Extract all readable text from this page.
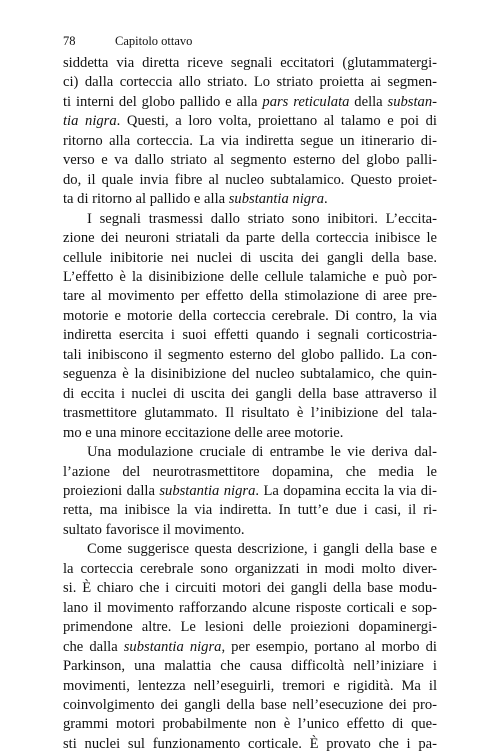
78	Capitolo ottavo
siddetta via diretta riceve segnali eccitatori (glutammatergi-
ci) dalla corteccia allo striato. Lo striato proietta ai segmen-
ti interni del globo pallido e alla pars reticulata della substan-
tia nigra. Questi, a loro volta, proiettano al talamo e poi di
ritorno alla corteccia. La via indiretta segue un itinerario di-
verso e va dallo striato al segmento esterno del globo palli-
do, il quale invia fibre al nucleo subtalamico. Questo proiet-
ta di ritorno al pallido e alla substantia nigra.
I segnali trasmessi dallo striato sono inibitori. L’eccita-
zione dei neuroni striatali da parte della corteccia inibisce le
cellule inibitorie nei nuclei di uscita dei gangli della base.
L’effetto è la disinibizione delle cellule talamiche e può por-
tare al movimento per effetto della stimolazione di aree pre-
motorie e motorie della corteccia cerebrale. Di contro, la via
indiretta esercita i suoi effetti quando i segnali corticostria-
tali inibiscono il segmento esterno del globo pallido. La con-
seguenza è la disinibizione del nucleo subtalamico, che quin-
di eccita i nuclei di uscita dei gangli della base attraverso il
trasmettitore glutammato. Il risultato è l’inibizione del tala-
mo e una minore eccitazione delle aree motorie.
Una modulazione cruciale di entrambe le vie deriva dal-
l’azione del neurotrasmettitore dopamina, che media le
proiezioni dalla substantia nigra. La dopamina eccita la via di-
retta, ma inibisce la via indiretta. In tutt’e due i casi, il ri-
sultato favorisce il movimento.
Come suggerisce questa descrizione, i gangli della base e
la corteccia cerebrale sono organizzati in modi molto diver-
si. È chiaro che i circuiti motori dei gangli della base modu-
lano il movimento rafforzando alcune risposte corticali e sop-
primendone altre. Le lesioni delle proiezioni dopaminergi-
che dalla substantia nigra, per esempio, portano al morbo di
Parkinson, una malattia che causa difficoltà nell’iniziare i
movimenti, lentezza nell’eseguirli, tremori e rigidità. Ma il
coinvolgimento dei gangli della base nell’esecuzione dei pro-
grammi motori probabilmente non è l’unico effetto di que-
sti nuclei sul funzionamento corticale. È provato che i pa-
